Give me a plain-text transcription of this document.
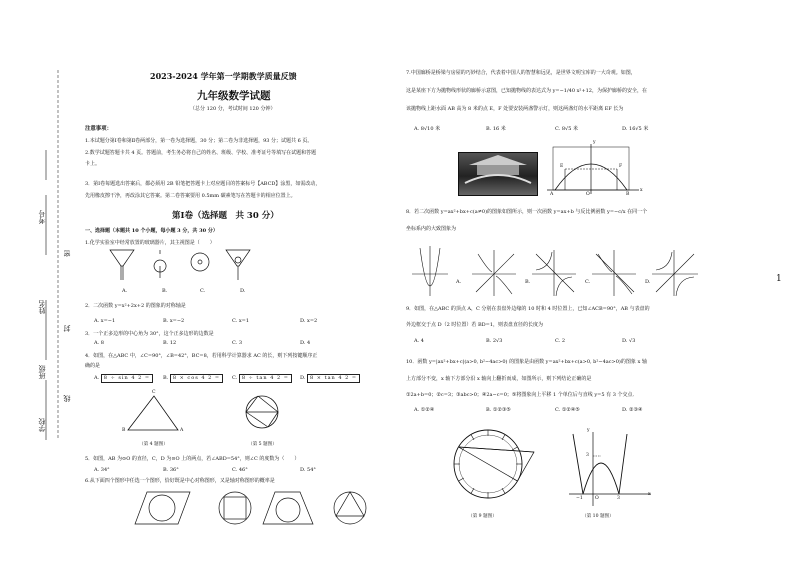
学校
班级
姓名
考号
线
封
密
2023-2024 学年第一学期教学质量反馈
九年级数学试题
（总分 120 分，考试时间 120 分钟）
注意事项：
1.本试题分第Ⅰ卷和第Ⅱ卷两部分，第一卷为选择题，30 分；第二卷为非选择题，93 分；试题共 6 页。
2.数学试题答题卡共 4 页。答题前，考生务必将自己的姓名、班级、学校、准考证号等填写在试题和答题
卡上。
3．第Ⅰ卷每题选出答案后，都必须用 2B 铅笔把答题卡上对应题目的答案标号【ABCD】涂黑，如需改动，
先用橡皮擦干净，再改涂其它答案。第二卷答案要用 0.5mm 碳素笔写在答题卡的相应位置上。
第Ⅰ卷（选择题　共 30 分）
一、选择题（本题共 10 个小题，每小题 3 分，共 30 分）
1.化学实验室中经常放置的玻璃器片，其主视图是（　　）
A.	B.	C.	D.
2．二次函数 y=x²+2x+2 的图象的对称轴是
A. x=−1	B. x=−2	C. x=1	D. x=2
3．一个正多边形的中心角为 30°，这个正多边形的边数是
A. 8	B. 12	C. 3	D. 4
4．如图，在△ABC 中，∠C=90°，∠B=42°，BC=8，若用科学计算器求 AC 的长，则下列按键顺序正
确的是
A. 8 ÷ sin 4 2 =	B. 8 × cos 4 2 =	C. 8 ÷ tan 4 2 =	D. 8 × tan 4 2 =
C
B	A
（第 4 题图）	（第 5 题图）
5．如图，AB 为⊙O 的直径，C，D 为⊙O 上的两点，若∠ABD=54°，则∠C 的度数为（　　）
A. 34°	B. 36°	C. 46°	D. 54°
6.从下面四个图形中任选一个图形，恰好既是中心对称图形，又是轴对称图形的概率是
7.中国廊桥是桥梁与房屋的巧妙结合，代表着中国人的智慧和远见，是世界文明宝库的一大奇观。如图，
这是某座下方为抛物线形状的廊桥示意图，已知抛物线的表达式为 y=−1/40 x²+12，为保护廊桥的安全，在
该抛物线上距水面 AB 高为 8 米的点 E，F 处要安装两盏警示灯，则这两盏灯的水平距离 EF 长为
A. 8√10 米	B. 16 米	C. 8√5 米	D. 16√5 米
E	F
A	O	B
x
y
8．若二次函数 y=ax²+bx+c(a≠0)的图象如图所示，则一次函数 y=ax+b 与反比例函数 y=−c/x 在同一个
坐标系内的大致图象为
A.	B.	C.	D.
9．如图，在△ABC 的顶点 A，C 分别在表盘外边缘的 10 时和 4 时位置上，已知∠ACB=90°，AB 与表盘的
外边框交于点 D（2 时位置）若 BD=1，则表盘直径的长度为
A. 4	B. 2√3	C. 2	D. √3
10．函数 y=|ax²+bx+c|(a>0, b²−4ac>0) 的图象是由函数 y=ax²+bx+c(a>0, b²−4ac>0)的图象 x 轴
上方部分不变，x 轴下方部分沿 x 轴向上翻折而成，如图所示，则下列结论正确的是
①2a+b=0；②c=3；③abc>0；④2a−c=0；⑤将图象向上平移 1 个单位后与直线 y=5 有 3 个交点．
A. ①②④	B. ①②③⑤	C. ①②④⑤	D. ②③④
（第 9 题图）
y
3
−1	O	3
x
（第 10 题图）
1
